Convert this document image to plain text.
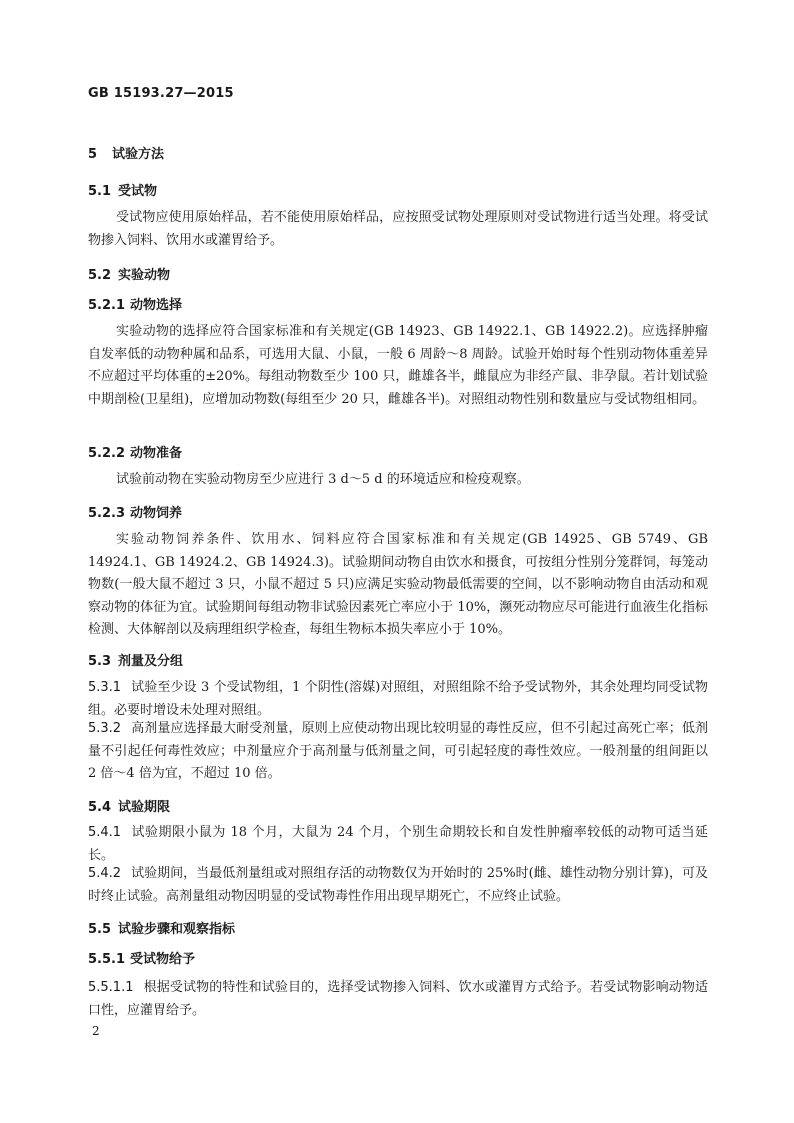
GB 15193.27—2015
5 试验方法
5.1 受试物
受试物应使用原始样品，若不能使用原始样品，应按照受试物处理原则对受试物进行适当处理。将受试物掺入饲料、饮用水或灌胃给予。
5.2 实验动物
5.2.1 动物选择
实验动物的选择应符合国家标准和有关规定(GB 14923、GB 14922.1、GB 14922.2)。应选择肿瘤自发率低的动物种属和品系，可选用大鼠、小鼠，一般 6 周龄～8 周龄。试验开始时每个性别动物体重差异不应超过平均体重的±20%。每组动物数至少 100 只，雌雄各半，雌鼠应为非经产鼠、非孕鼠。若计划试验中期剖检(卫星组)，应增加动物数(每组至少 20 只，雌雄各半)。对照组动物性别和数量应与受试物组相同。
5.2.2 动物准备
试验前动物在实验动物房至少应进行 3 d～5 d 的环境适应和检疫观察。
5.2.3 动物饲养
实验动物饲养条件、饮用水、饲料应符合国家标准和有关规定(GB 14925、GB 5749、GB 14924.1、GB 14924.2、GB 14924.3)。试验期间动物自由饮水和摄食，可按组分性别分笼群饲，每笼动物数(一般大鼠不超过 3 只，小鼠不超过 5 只)应满足实验动物最低需要的空间，以不影响动物自由活动和观察动物的体征为宜。试验期间每组动物非试验因素死亡率应小于 10%，濒死动物应尽可能进行血液生化指标检测、大体解剖以及病理组织学检查，每组生物标本损失率应小于 10%。
5.3 剂量及分组
5.3.1 试验至少设 3 个受试物组，1 个阴性(溶媒)对照组，对照组除不给予受试物外，其余处理均同受试物组。必要时增设未处理对照组。
5.3.2 高剂量应选择最大耐受剂量，原则上应使动物出现比较明显的毒性反应，但不引起过高死亡率；低剂量不引起任何毒性效应；中剂量应介于高剂量与低剂量之间，可引起轻度的毒性效应。一般剂量的组间距以 2 倍～4 倍为宜，不超过 10 倍。
5.4 试验期限
5.4.1 试验期限小鼠为 18 个月，大鼠为 24 个月，个别生命期较长和自发性肿瘤率较低的动物可适当延长。
5.4.2 试验期间，当最低剂量组或对照组存活的动物数仅为开始时的 25%时(雌、雄性动物分别计算)，可及时终止试验。高剂量组动物因明显的受试物毒性作用出现早期死亡，不应终止试验。
5.5 试验步骤和观察指标
5.5.1 受试物给予
5.5.1.1 根据受试物的特性和试验目的，选择受试物掺入饲料、饮水或灌胃方式给予。若受试物影响动物适口性，应灌胃给予。
2
